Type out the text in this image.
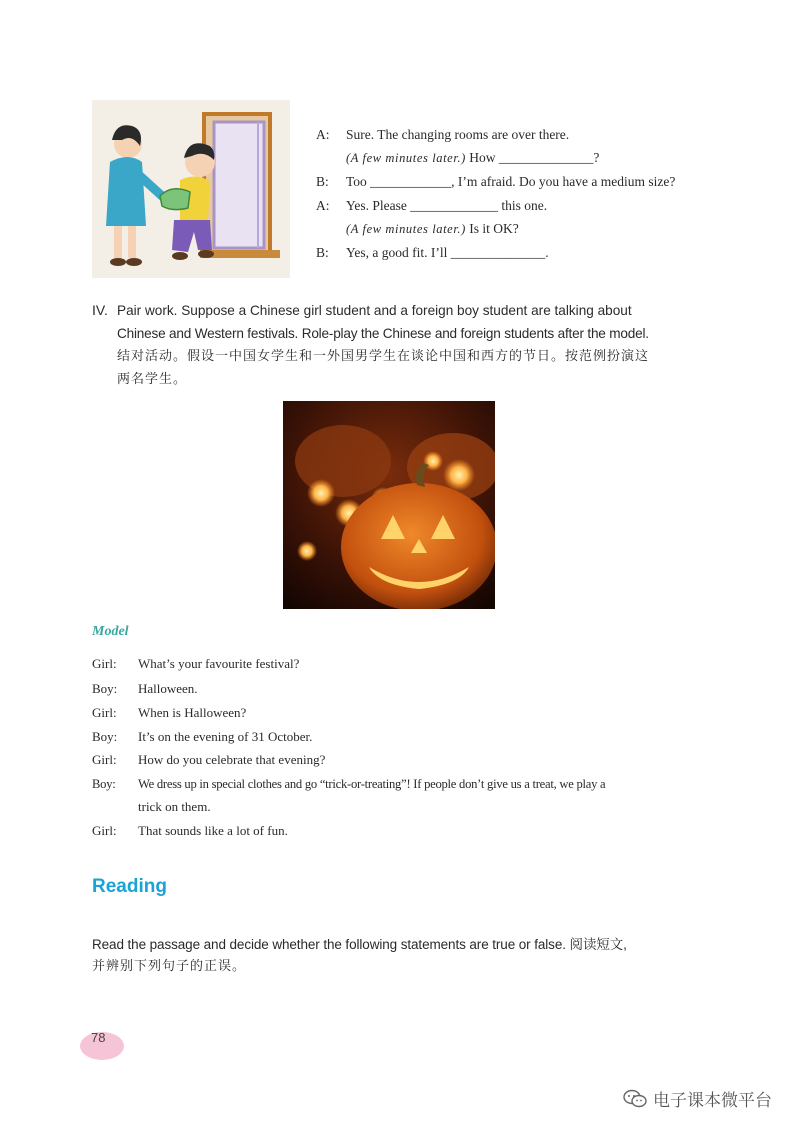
A:	Sure. The changing rooms are over there.
(A few minutes later.) How ______________?
B:	Too ____________, I’m afraid. Do you have a medium size?
A:	Yes. Please _____________ this one.
(A few minutes later.) Is it OK?
B:	Yes, a good fit. I’ll ______________.
IV. Pair work. Suppose a Chinese girl student and a foreign boy student are talking about
Chinese and Western festivals. Role-play the Chinese and foreign students after the model.
结对活动。假设一中国女学生和一外国男学生在谈论中国和西方的节日。按范例扮演这
两名学生。
Model
Girl: What’s your favourite festival?
Boy: Halloween.
Girl: When is Halloween?
Boy: It’s on the evening of 31 October.
Girl: How do you celebrate that evening?
Boy: We dress up in special clothes and go “trick-or-treating”! If people don’t give us a treat, we play a
trick on them.
Girl: That sounds like a lot of fun.
Reading
Read the passage and decide whether the following statements are true or false. 阅读短文,
并辨别下列句子的正误。
78
电子课本微平台
